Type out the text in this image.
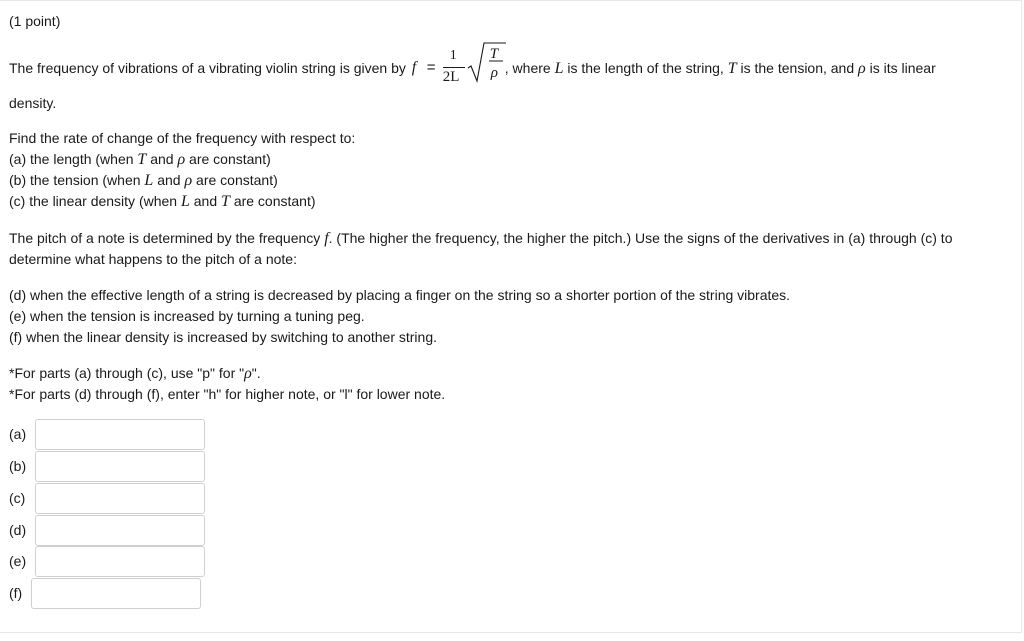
(1 point)
The frequency of vibrations of a vibrating violin string is given by f =
1
2L
T
ρ , where L is the length of the string, T is the tension, and ρ is its linear
density.
Find the rate of change of the frequency with respect to:
(a) the length (when T and ρ are constant)
(b) the tension (when L and ρ are constant)
(c) the linear density (when L and T are constant)
The pitch of a note is determined by the frequency f. (The higher the frequency, the higher the pitch.) Use the signs of the derivatives in (a) through (c) to
determine what happens to the pitch of a note:
(d) when the effective length of a string is decreased by placing a finger on the string so a shorter portion of the string vibrates.
(e) when the tension is increased by turning a tuning peg.
(f) when the linear density is increased by switching to another string.
*For parts (a) through (c), use "p" for "ρ".
*For parts (d) through (f), enter "h" for higher note, or "l" for lower note.
(a)
(b)
(c)
(d)
(e)
(f)
